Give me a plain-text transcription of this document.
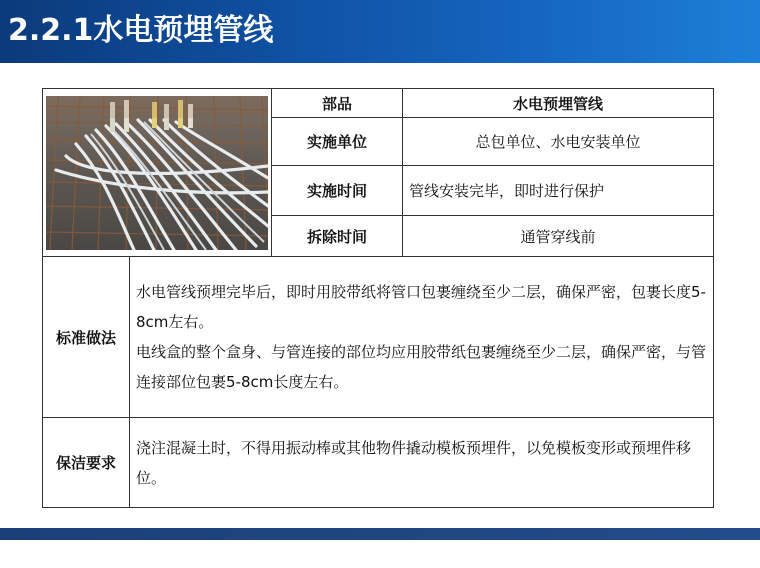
2.2.1水电预埋管线
	部品	水电预埋管线
		实施单位	总包单位、水电安装单位
		实施时间	管线安装完毕，即时进行保护
		拆除时间	通管穿线前
标准做法	水电管线预埋完毕后，即时用胶带纸将管口包裹缠绕至少二层，确保严密，包裹长度5-8cm左右。

电线盒的整个盒身、与管连接的部位均应用胶带纸包裹缠绕至少二层，确保严密，与管连接部位包裹5-8cm长度左右。		

保洁要求	浇注混凝土时，不得用振动棒或其他物件撬动模板预埋件，以免模板变形或预埋件移位。		
